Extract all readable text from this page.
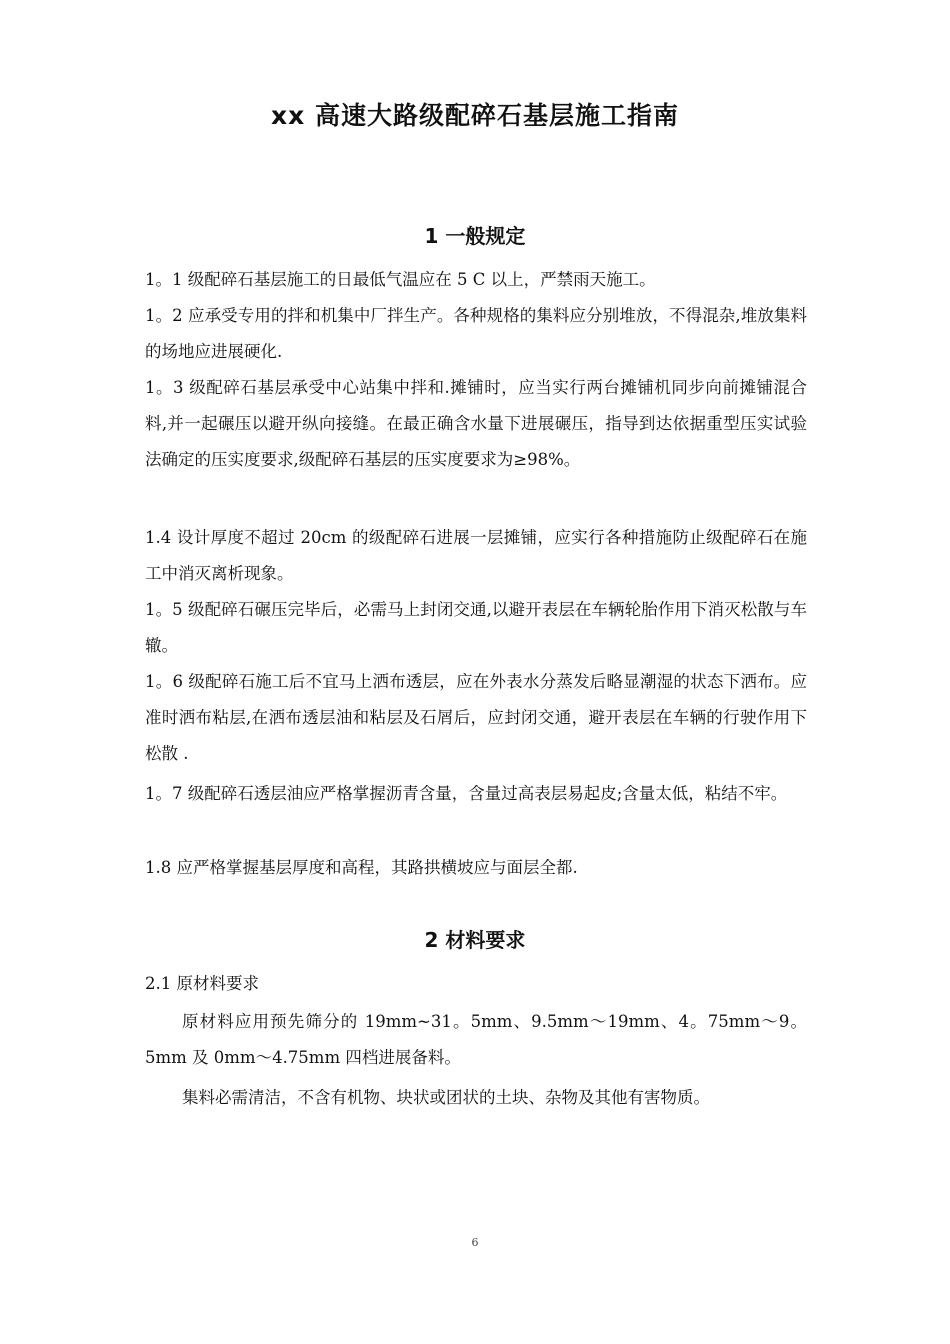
xx 高速大路级配碎石基层施工指南
1 一般规定
1。1 级配碎石基层施工的日最低气温应在 5 C 以上，严禁雨天施工。
1。2 应承受专用的拌和机集中厂拌生产。各种规格的集料应分别堆放，不得混杂,堆放集料的场地应进展硬化.
1。3 级配碎石基层承受中心站集中拌和.摊铺时，应当实行两台摊铺机同步向前摊铺混合料,并一起碾压以避开纵向接缝。在最正确含水量下进展碾压，指导到达依据重型压实试验法确定的压实度要求,级配碎石基层的压实度要求为≥98%。
1.4 设计厚度不超过 20cm 的级配碎石进展一层摊铺，应实行各种措施防止级配碎石在施工中消灭离析现象。
1。5 级配碎石碾压完毕后，必需马上封闭交通,以避开表层在车辆轮胎作用下消灭松散与车辙。
1。6 级配碎石施工后不宜马上洒布透层，应在外表水分蒸发后略显潮湿的状态下洒布。应准时洒布粘层,在洒布透层油和粘层及石屑后，应封闭交通，避开表层在车辆的行驶作用下松散 .
1。7 级配碎石透层油应严格掌握沥青含量，含量过高表层易起皮;含量太低，粘结不牢。
1.8 应严格掌握基层厚度和高程，其路拱横坡应与面层全都.
2 材料要求
2.1 原材料要求
原材料应用预先筛分的 19mm~31。5mm、9.5mm～19mm、4。75mm～9。5mm 及 0mm～4.75mm 四档进展备料。
集料必需清洁，不含有机物、块状或团状的土块、杂物及其他有害物质。
6
